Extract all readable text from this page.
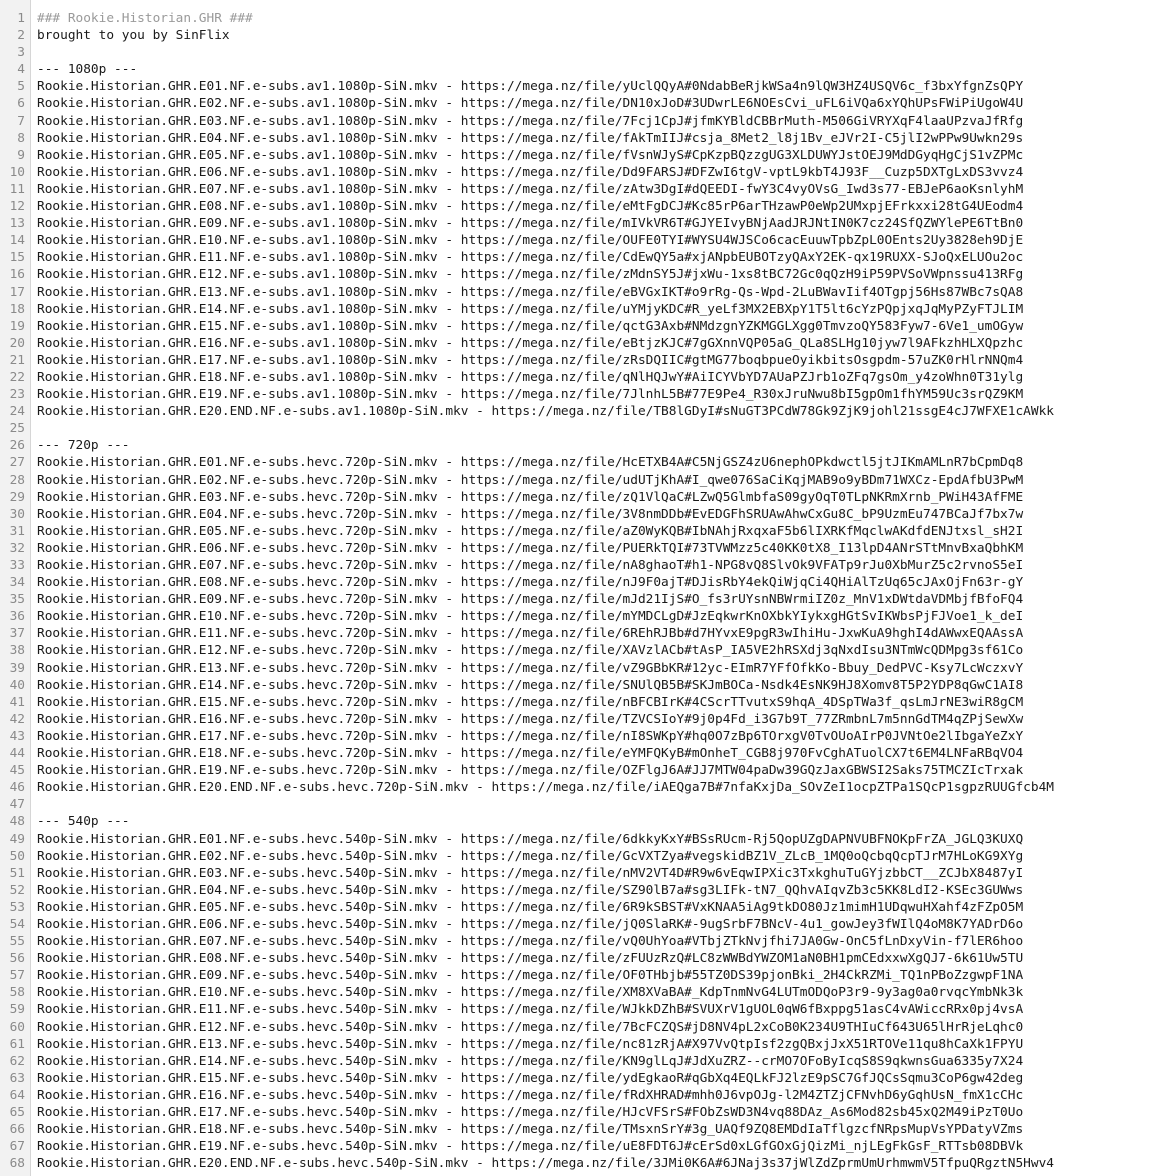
1
2
3
4
5
6
7
8
9
10
11
12
13
14
15
16
17
18
19
20
21
22
23
24
25
26
27
28
29
30
31
32
33
34
35
36
37
38
39
40
41
42
43
44
45
46
47
48
49
50
51
52
53
54
55
56
57
58
59
60
61
62
63
64
65
66
67
68
### Rookie.Historian.GHR ###
brought to you by SinFlix
--- 1080p ---
Rookie.Historian.GHR.E01.NF.e-subs.av1.1080p-SiN.mkv - https://mega.nz/file/yUclQQyA#0NdabBeRjkWSa4n9lQW3HZ4USQV6c_f3bxYfgnZsQPY
Rookie.Historian.GHR.E02.NF.e-subs.av1.1080p-SiN.mkv - https://mega.nz/file/DN10xJoD#3UDwrLE6NOEsCvi_uFL6iVQa6xYQhUPsFWiPiUgoW4U
Rookie.Historian.GHR.E03.NF.e-subs.av1.1080p-SiN.mkv - https://mega.nz/file/7Fcj1CpJ#jfmKYBldCBBrMuth-M506GiVRYXqF4laaUPzvaJfRfg
Rookie.Historian.GHR.E04.NF.e-subs.av1.1080p-SiN.mkv - https://mega.nz/file/fAkTmIIJ#csja_8Met2_l8j1Bv_eJVr2I-C5jlI2wPPw9Uwkn29s
Rookie.Historian.GHR.E05.NF.e-subs.av1.1080p-SiN.mkv - https://mega.nz/file/fVsnWJyS#CpKzpBQzzgUG3XLDUWYJstOEJ9MdDGyqHgCjS1vZPMc
Rookie.Historian.GHR.E06.NF.e-subs.av1.1080p-SiN.mkv - https://mega.nz/file/Dd9FARSJ#DFZwI6tgV-vptL9kbT4J93F__Cuzp5DXTgLxDS3vvz4
Rookie.Historian.GHR.E07.NF.e-subs.av1.1080p-SiN.mkv - https://mega.nz/file/zAtw3DgI#dQEEDI-fwY3C4vyOVsG_Iwd3s77-EBJeP6aoKsnlyhM
Rookie.Historian.GHR.E08.NF.e-subs.av1.1080p-SiN.mkv - https://mega.nz/file/eMtFgDCJ#Kc85rP6arTHzawP0eWp2UMxpjEFrkxxi28tG4UEodm4
Rookie.Historian.GHR.E09.NF.e-subs.av1.1080p-SiN.mkv - https://mega.nz/file/mIVkVR6T#GJYEIvyBNjAadJRJNtIN0K7cz24SfQZWYlePE6TtBn0
Rookie.Historian.GHR.E10.NF.e-subs.av1.1080p-SiN.mkv - https://mega.nz/file/OUFE0TYI#WYSU4WJSCo6cacEuuwTpbZpL0OEnts2Uy3828eh9DjE
Rookie.Historian.GHR.E11.NF.e-subs.av1.1080p-SiN.mkv - https://mega.nz/file/CdEwQY5a#xjANpbEUBOTzyQAxY2EK-qx19RUXX-SJoQxELUOu2oc
Rookie.Historian.GHR.E12.NF.e-subs.av1.1080p-SiN.mkv - https://mega.nz/file/zMdnSY5J#jxWu-1xs8tBC72Gc0qQzH9iP59PVSoVWpnssu413RFg
Rookie.Historian.GHR.E13.NF.e-subs.av1.1080p-SiN.mkv - https://mega.nz/file/eBVGxIKT#o9rRg-Qs-Wpd-2LuBWavIif4OTgpj56Hs87WBc7sQA8
Rookie.Historian.GHR.E14.NF.e-subs.av1.1080p-SiN.mkv - https://mega.nz/file/uYMjyKDC#R_yeLf3MX2EBXpY1T5lt6cYzPQpjxqJqMyPZyFTJLIM
Rookie.Historian.GHR.E15.NF.e-subs.av1.1080p-SiN.mkv - https://mega.nz/file/qctG3Axb#NMdzgnYZKMGGLXgg0TmvzoQY583Fyw7-6Ve1_umOGyw
Rookie.Historian.GHR.E16.NF.e-subs.av1.1080p-SiN.mkv - https://mega.nz/file/eBtjzKJC#7gGXnnVQP05aG_QLa8SLHg10jyw7l9AFkzhHLXQpzhc
Rookie.Historian.GHR.E17.NF.e-subs.av1.1080p-SiN.mkv - https://mega.nz/file/zRsDQIIC#gtMG77boqbpueOyikbitsOsgpdm-57uZK0rHlrNNQm4
Rookie.Historian.GHR.E18.NF.e-subs.av1.1080p-SiN.mkv - https://mega.nz/file/qNlHQJwY#AiICYVbYD7AUaPZJrb1oZFq7gsOm_y4zoWhn0T31ylg
Rookie.Historian.GHR.E19.NF.e-subs.av1.1080p-SiN.mkv - https://mega.nz/file/7JlnhL5B#77E9Pe4_R30xJruNwu8bI5gpOm1fhYM59Uc3srQZ9KM
Rookie.Historian.GHR.E20.END.NF.e-subs.av1.1080p-SiN.mkv - https://mega.nz/file/TB8lGDyI#sNuGT3PCdW78Gk9ZjK9johl21ssgE4cJ7WFXE1cAWkk
--- 720p ---
Rookie.Historian.GHR.E01.NF.e-subs.hevc.720p-SiN.mkv - https://mega.nz/file/HcETXB4A#C5NjGSZ4zU6nephOPkdwctl5jtJIKmAMLnR7bCpmDq8
Rookie.Historian.GHR.E02.NF.e-subs.hevc.720p-SiN.mkv - https://mega.nz/file/udUTjKhA#I_qwe076SaCiKqjMAB9o9yBDm71WXCz-EpdAfbU3PwM
Rookie.Historian.GHR.E03.NF.e-subs.hevc.720p-SiN.mkv - https://mega.nz/file/zQ1VlQaC#LZwQ5GlmbfaS09gyOqT0TLpNKRmXrnb_PWiH43AfFME
Rookie.Historian.GHR.E04.NF.e-subs.hevc.720p-SiN.mkv - https://mega.nz/file/3V8nmDDb#EvEDGFhSRUAwAhwCxGu8C_bP9UzmEu747BCaJf7bx7w
Rookie.Historian.GHR.E05.NF.e-subs.hevc.720p-SiN.mkv - https://mega.nz/file/aZ0WyKQB#IbNAhjRxqxaF5b6lIXRKfMqclwAKdfdENJtxsl_sH2I
Rookie.Historian.GHR.E06.NF.e-subs.hevc.720p-SiN.mkv - https://mega.nz/file/PUERkTQI#73TVWMzz5c40KK0tX8_I13lpD4ANrSTtMnvBxaQbhKM
Rookie.Historian.GHR.E07.NF.e-subs.hevc.720p-SiN.mkv - https://mega.nz/file/nA8ghaoT#h1-NPG8vQ8SlvOk9VFATp9rJu0XbMurZ5c2rvnoS5eI
Rookie.Historian.GHR.E08.NF.e-subs.hevc.720p-SiN.mkv - https://mega.nz/file/nJ9F0ajT#DJisRbY4ekQiWjqCi4QHiAlTzUq65cJAxOjFn63r-gY
Rookie.Historian.GHR.E09.NF.e-subs.hevc.720p-SiN.mkv - https://mega.nz/file/mJd21IjS#O_fs3rUYsnNBWrmiIZ0z_MnV1xDWtdaVDMbjfBfoFQ4
Rookie.Historian.GHR.E10.NF.e-subs.hevc.720p-SiN.mkv - https://mega.nz/file/mYMDCLgD#JzEqkwrKnOXbkYIykxgHGtSvIKWbsPjFJVoe1_k_deI
Rookie.Historian.GHR.E11.NF.e-subs.hevc.720p-SiN.mkv - https://mega.nz/file/6REhRJBb#d7HYvxE9pgR3wIhiHu-JxwKuA9hghI4dAWwxEQAAssA
Rookie.Historian.GHR.E12.NF.e-subs.hevc.720p-SiN.mkv - https://mega.nz/file/XAVzlACb#tAsP_IA5VE2hRSXdj3qNxdIsu3NTmWcQDMpg3sf61Co
Rookie.Historian.GHR.E13.NF.e-subs.hevc.720p-SiN.mkv - https://mega.nz/file/vZ9GBbKR#12yc-EImR7YFfOfkKo-Bbuy_DedPVC-Ksy7LcWczxvY
Rookie.Historian.GHR.E14.NF.e-subs.hevc.720p-SiN.mkv - https://mega.nz/file/SNUlQB5B#SKJmBOCa-Nsdk4EsNK9HJ8Xomv8T5P2YDP8qGwC1AI8
Rookie.Historian.GHR.E15.NF.e-subs.hevc.720p-SiN.mkv - https://mega.nz/file/nBFCBIrK#4CScrTTvutxS9hqA_4DSpTWa3f_qsLmJrNE3wiR8gCM
Rookie.Historian.GHR.E16.NF.e-subs.hevc.720p-SiN.mkv - https://mega.nz/file/TZVCSIoY#9j0p4Fd_i3G7b9T_77ZRmbnL7m5nnGdTM4qZPjSewXw
Rookie.Historian.GHR.E17.NF.e-subs.hevc.720p-SiN.mkv - https://mega.nz/file/nI8SWKpY#hq0O7zBp6TOrxgV0TvOUoAIrP0JVNtOe2lIbgaYeZxY
Rookie.Historian.GHR.E18.NF.e-subs.hevc.720p-SiN.mkv - https://mega.nz/file/eYMFQKyB#mOnheT_CGB8j970FvCghATuolCX7t6EM4LNFaRBqVO4
Rookie.Historian.GHR.E19.NF.e-subs.hevc.720p-SiN.mkv - https://mega.nz/file/OZFlgJ6A#JJ7MTW04paDw39GQzJaxGBWSI2Saks75TMCZIcTrxak
Rookie.Historian.GHR.E20.END.NF.e-subs.hevc.720p-SiN.mkv - https://mega.nz/file/iAEQga7B#7nfaKxjDa_SOvZeI1ocpZTPa1SQcP1sgpzRUUGfcb4M
--- 540p ---
Rookie.Historian.GHR.E01.NF.e-subs.hevc.540p-SiN.mkv - https://mega.nz/file/6dkkyKxY#BSsRUcm-Rj5QopUZgDAPNVUBFNOKpFrZA_JGLQ3KUXQ
Rookie.Historian.GHR.E02.NF.e-subs.hevc.540p-SiN.mkv - https://mega.nz/file/GcVXTZya#vegskidBZ1V_ZLcB_1MQ0oQcbqQcpTJrM7HLoKG9XYg
Rookie.Historian.GHR.E03.NF.e-subs.hevc.540p-SiN.mkv - https://mega.nz/file/nMV2VT4D#R9w6vEqwIPXic3TxkghuTuGYjzbbCT__ZCJbX8487yI
Rookie.Historian.GHR.E04.NF.e-subs.hevc.540p-SiN.mkv - https://mega.nz/file/SZ90lB7a#sg3LIFk-tN7_QQhvAIqvZb3c5KK8LdI2-KSEc3GUWws
Rookie.Historian.GHR.E05.NF.e-subs.hevc.540p-SiN.mkv - https://mega.nz/file/6R9kSBST#VxKNAA5iAg9tkDO80Jz1mimH1UDqwuHXahf4zFZpO5M
Rookie.Historian.GHR.E06.NF.e-subs.hevc.540p-SiN.mkv - https://mega.nz/file/jQ0SlaRK#-9ugSrbF7BNcV-4u1_gowJey3fWIlQ4oM8K7YADrD6o
Rookie.Historian.GHR.E07.NF.e-subs.hevc.540p-SiN.mkv - https://mega.nz/file/vQ0UhYoa#VTbjZTkNvjfhi7JA0Gw-OnC5fLnDxyVin-f7lER6hoo
Rookie.Historian.GHR.E08.NF.e-subs.hevc.540p-SiN.mkv - https://mega.nz/file/zFUUzRzQ#LC8zWWBdYWZOM1aN0BH1pmCEdxxwXgQJ7-6k61Uw5TU
Rookie.Historian.GHR.E09.NF.e-subs.hevc.540p-SiN.mkv - https://mega.nz/file/OF0THbjb#55TZ0DS39pjonBki_2H4CkRZMi_TQ1nPBoZzgwpF1NA
Rookie.Historian.GHR.E10.NF.e-subs.hevc.540p-SiN.mkv - https://mega.nz/file/XM8XVaBA#_KdpTnmNvG4LUTmODQoP3r9-9y3ag0a0rvqcYmbNk3k
Rookie.Historian.GHR.E11.NF.e-subs.hevc.540p-SiN.mkv - https://mega.nz/file/WJkkDZhB#SVUXrV1gUOL0qW6fBxppg51asC4vAWiccRRx0pj4vsA
Rookie.Historian.GHR.E12.NF.e-subs.hevc.540p-SiN.mkv - https://mega.nz/file/7BcFCZQS#jD8NV4pL2xCoB0K234U9THIuCf643U65lHrRjeLqhc0
Rookie.Historian.GHR.E13.NF.e-subs.hevc.540p-SiN.mkv - https://mega.nz/file/nc81zRjA#X97VvQtpIsf2zgQBxjJxX51RTOVe11qu8hCaXk1FPYU
Rookie.Historian.GHR.E14.NF.e-subs.hevc.540p-SiN.mkv - https://mega.nz/file/KN9glLqJ#JdXuZRZ--crMO7OFoByIcqS8S9qkwnsGua6335y7X24
Rookie.Historian.GHR.E15.NF.e-subs.hevc.540p-SiN.mkv - https://mega.nz/file/ydEgkaoR#qGbXq4EQLkFJ2lzE9pSC7GfJQCsSqmu3CoP6gw42deg
Rookie.Historian.GHR.E16.NF.e-subs.hevc.540p-SiN.mkv - https://mega.nz/file/fRdXHRAD#mhh0J6vpOJg-l2M4ZTZjCFNvhD6yGqhUsN_fmX1cCHc
Rookie.Historian.GHR.E17.NF.e-subs.hevc.540p-SiN.mkv - https://mega.nz/file/HJcVFSrS#FObZsWD3N4vq88DAz_As6Mod82sb45xQ2M49iPzT0Uo
Rookie.Historian.GHR.E18.NF.e-subs.hevc.540p-SiN.mkv - https://mega.nz/file/TMsxnSrY#3g_UAQf9ZQ8EMDdIaTflgzcfNRpsMupVsYPDatyVZms
Rookie.Historian.GHR.E19.NF.e-subs.hevc.540p-SiN.mkv - https://mega.nz/file/uE8FDT6J#cErSd0xLGfGOxGjQizMi_njLEgFkGsF_RTTsb08DBVk
Rookie.Historian.GHR.E20.END.NF.e-subs.hevc.540p-SiN.mkv - https://mega.nz/file/3JMi0K6A#6JNaj3s37jWlZdZprmUmUrhmwmV5TfpuQRgztN5Hwv4
